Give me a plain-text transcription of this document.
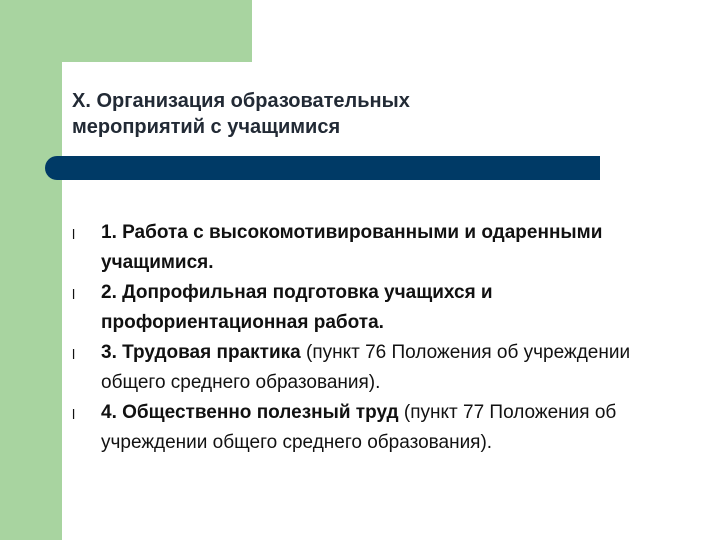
X. Организация образовательных
мероприятий с учащимися
l 1. Работа с высокомотивированными и одаренными учащимися.
l 2. Допрофильная подготовка учащихся и профориентационная работа.
l 3. Трудовая практика (пункт 76 Положения об учреждении общего среднего образования).
l 4. Общественно полезный труд (пункт 77 Положения об учреждении общего среднего образования).
